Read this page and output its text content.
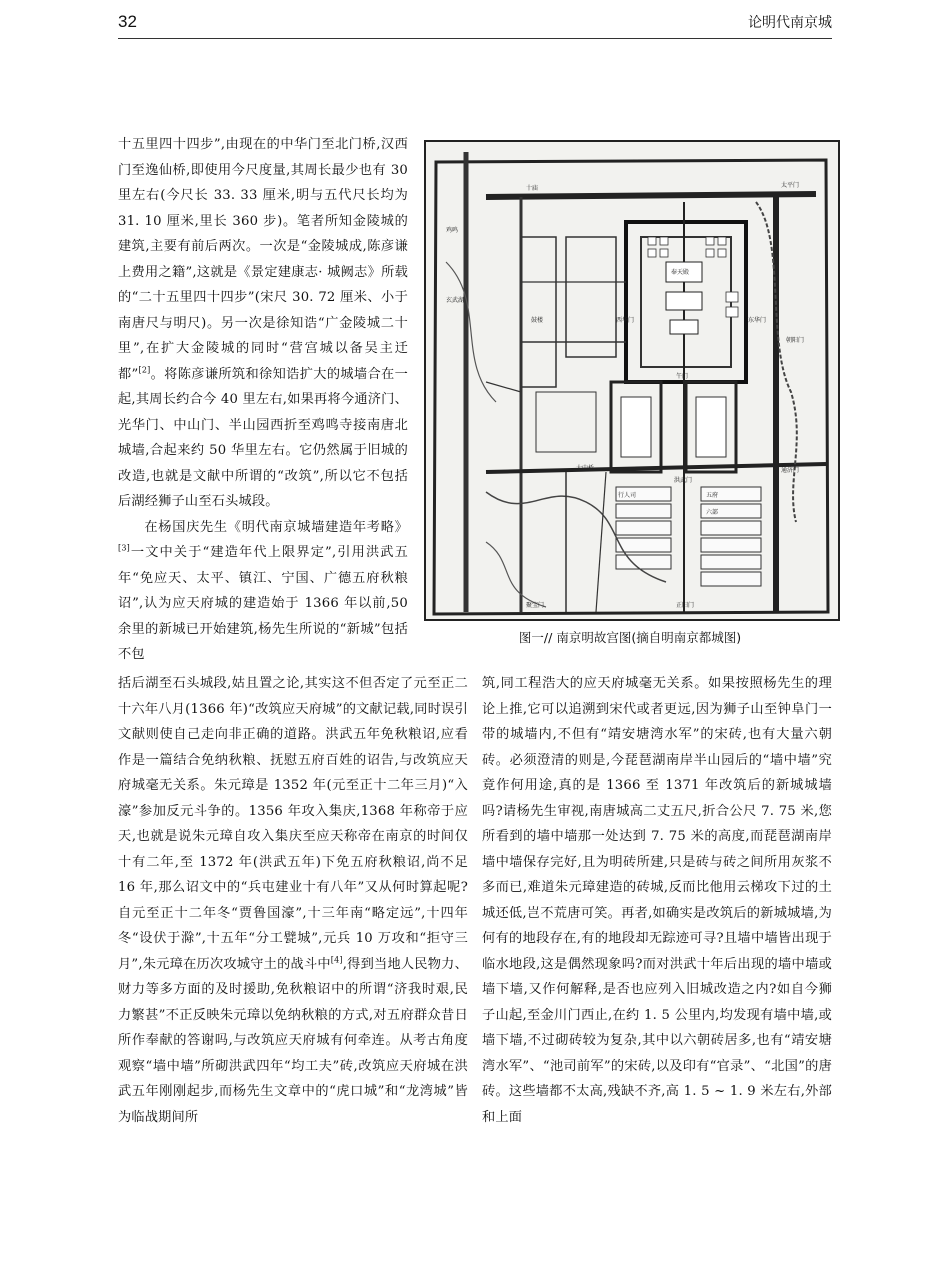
32	论明代南京城

十五里四十四步”,由现在的中华门至北门桥,汉西门至逸仙桥,即使用今尺度量,其周长最少也有 30 里左右(今尺长 33. 33 厘米,明与五代尺长均为 31. 10 厘米,里长 360 步)。笔者所知金陵城的建筑,主要有前后两次。一次是“金陵城成,陈彦谦上费用之籍”,这就是《景定建康志· 城阙志》所载的“二十五里四十四步”(宋尺 30. 72 厘米、小于南唐尺与明尺)。另一次是徐知诰“广金陵城二十里”,在扩大金陵城的同时“营宫城以备吴主迁都”[2]。将陈彦谦所筑和徐知诰扩大的城墙合在一起,其周长约合今 40 里左右,如果再将今通济门、光华门、中山门、半山园西折至鸡鸣寺接南唐北城墙,合起来约 50 华里左右。它仍然属于旧城的改造,也就是文献中所谓的“改筑”,所以它不包括后湖经狮子山至石头城段。

在杨国庆先生《明代南京城墙建造年考略》[3]一文中关于“建造年代上限界定”,引用洪武五年“免应天、太平、镇江、宁国、广德五府秋粮诏”,认为应天府城的建造始于 1366 年以前,50 余里的新城已开始建筑,杨先生所说的“新城”包括不包

十庙
鸡鸣
玄武湖
鼓楼	西华门	东华门
午门
奉天殿
洪武门
大中桥
行人司	五府
六部
太平门
朝阳门
正阳门
通济门
聚宝门
图一// 南京明故宫图(摘自明南京都城图)

括后湖至石头城段,姑且置之论,其实这不但否定了元至正二十六年八月(1366 年)“改筑应天府城”的文献记载,同时误引文献则使自己走向非正确的道路。洪武五年免秋粮诏,应看作是一篇结合免纳秋粮、抚慰五府百姓的诏告,与改筑应天府城毫无关系。朱元璋是 1352 年(元至正十二年三月)“入濠”参加反元斗争的。1356 年攻入集庆,1368 年称帝于应天,也就是说朱元璋自攻入集庆至应天称帝在南京的时间仅十有二年,至 1372 年(洪武五年)下免五府秋粮诏,尚不足 16 年,那么诏文中的“兵屯建业十有八年”又从何时算起呢?自元至正十二年冬“贾鲁国濠”,十三年南“略定远”,十四年冬“设伏于滁”,十五年“分工甓城”,元兵 10 万攻和“拒守三月”,朱元璋在历次攻城守土的战斗中[4],得到当地人民物力、财力等多方面的及时援助,免秋粮诏中的所谓“济我时艰,民力繁甚”不正反映朱元璋以免纳秋粮的方式,对五府群众昔日所作奉献的答谢吗,与改筑应天府城有何牵连。从考古角度观察“墙中墙”所砌洪武四年“均工夫”砖,改筑应天府城在洪武五年刚刚起步,而杨先生文章中的“虎口城”和“龙湾城”皆为临战期间所

筑,同工程浩大的应天府城毫无关系。如果按照杨先生的理论上推,它可以追溯到宋代或者更远,因为狮子山至钟阜门一带的城墙内,不但有“靖安塘湾水军”的宋砖,也有大量六朝砖。必须澄清的则是,今琵琶湖南岸半山园后的“墙中墙”究竟作何用途,真的是 1366 至 1371 年改筑后的新城城墙吗?请杨先生审视,南唐城高二丈五尺,折合公尺 7. 75 米,您所看到的墙中墙那一处达到 7. 75 米的高度,而琵琶湖南岸墙中墙保存完好,且为明砖所建,只是砖与砖之间所用灰浆不多而已,难道朱元璋建造的砖城,反而比他用云梯攻下过的土城还低,岂不荒唐可笑。再者,如确实是改筑后的新城城墙,为何有的地段存在,有的地段却无踪迹可寻?且墙中墙皆出现于临水地段,这是偶然现象吗?而对洪武十年后出现的墙中墙或墙下墙,又作何解释,是否也应列入旧城改造之内?如自今狮子山起,至金川门西止,在约 1. 5 公里内,均发现有墙中墙,或墙下墙,不过砌砖较为复杂,其中以六朝砖居多,也有“靖安塘湾水军”、“池司前军”的宋砖,以及印有“官录”、“北国”的唐砖。这些墙都不太高,残缺不齐,高 1. 5 ~ 1. 9 米左右,外部和上面
